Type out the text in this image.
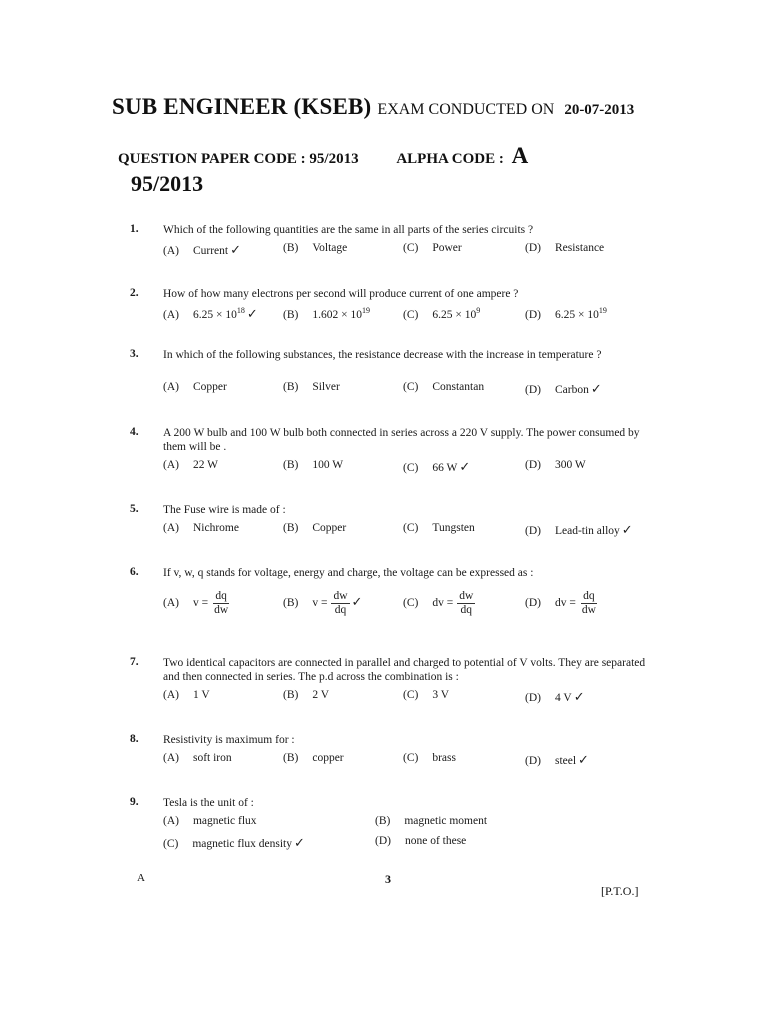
SUB ENGINEER (KSEB) EXAM CONDUCTED ON 20-07-2013
QUESTION PAPER CODE : 95/2013	ALPHA CODE : A
95/2013
1. Which of the following quantities are the same in all parts of the series circuits ?
(A) Current ✓	(B) Voltage	(C) Power	(D) Resistance
2. How of how many electrons per second will produce current of one ampere ?
(A) $6.25 \times 10^{18}$ ✓ (B) $1.602 \times 10^{19}$	(C) $6.25 \times 10^9$	(D) $6.25 \times 10^{19}$
3. In which of the following substances, the resistance decrease with the increase in temperature ?
(A) Copper	(B) Silver	(C) Constantan	(D) Carbon ✓
4. A 200 W bulb and 100 W bulb both connected in series across a 220 V supply. The power consumed by them will be .
(A) 22 W	(B) 100 W	(C) 66 W ✓	(D) 300 W
5. The Fuse wire is made of :
(A) Nichrome	(B) Copper	(C) Tungsten	(D) Lead-tin alloy ✓
6. If v, w, q stands for voltage, energy and charge, the voltage can be expressed as :
(A) $v = \frac{dq}{dw}$	(B) $v = \frac{dw}{dq}$ ✓	(C) dv = $\frac{dw}{dq}$	(D) dv = $\frac{dq}{dw}$
7. Two identical capacitors are connected in parallel and charged to potential of V volts. They are separated and then connected in series. The p.d across the combination is :
(A) 1 V	(B) 2 V	(C) 3 V	(D) 4 V ✓
8. Resistivity is maximum for :
(A) soft iron	(B) copper	(C) brass	(D) steel ✓
9. Tesla is the unit of :
(A) magnetic flux	(B) magnetic moment
(C) magnetic flux density ✓	(D) none of these
A	3
[P.T.O.]
